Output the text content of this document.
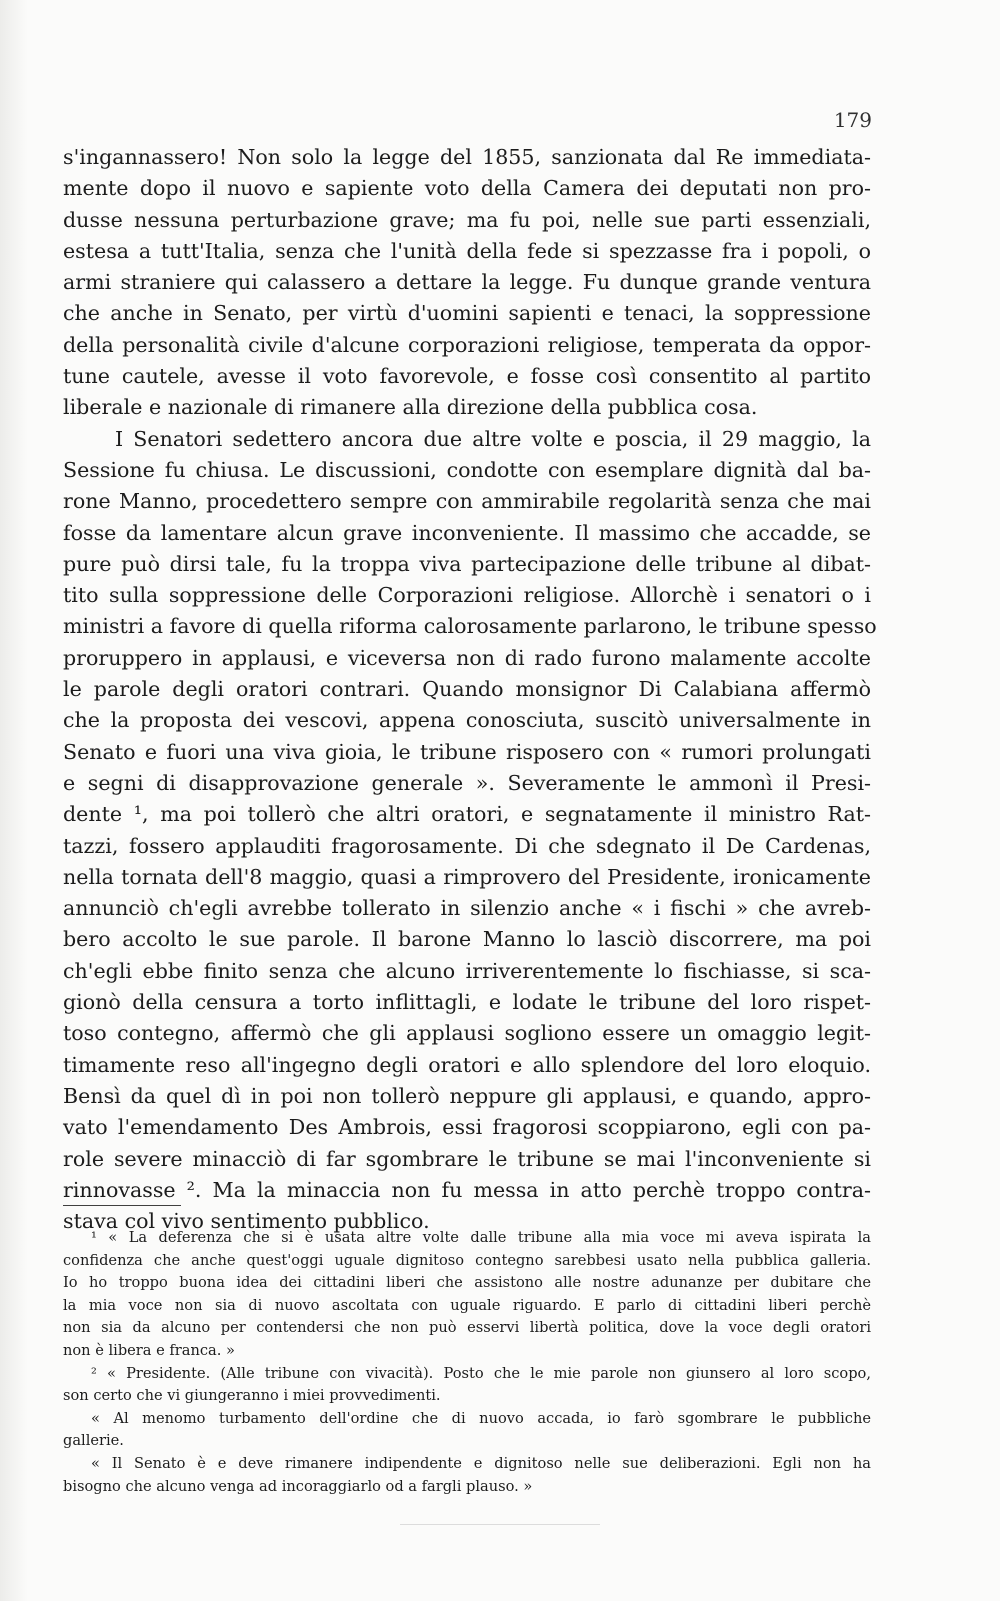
179
s'ingannassero! Non solo la legge del 1855, sanzionata dal Re immediata-
mente dopo il nuovo e sapiente voto della Camera dei deputati non pro-
dusse nessuna perturbazione grave; ma fu poi, nelle sue parti essenziali,
estesa a tutt'Italia, senza che l'unità della fede si spezzasse fra i popoli, o
armi straniere qui calassero a dettare la legge. Fu dunque grande ventura
che anche in Senato, per virtù d'uomini sapienti e tenaci, la soppressione
della personalità civile d'alcune corporazioni religiose, temperata da oppor-
tune cautele, avesse il voto favorevole, e fosse così consentito al partito
liberale e nazionale di rimanere alla direzione della pubblica cosa.
I Senatori sedettero ancora due altre volte e poscia, il 29 maggio, la
Sessione fu chiusa. Le discussioni, condotte con esemplare dignità dal ba-
rone Manno, procedettero sempre con ammirabile regolarità senza che mai
fosse da lamentare alcun grave inconveniente. Il massimo che accadde, se
pure può dirsi tale, fu la troppa viva partecipazione delle tribune al dibat-
tito sulla soppressione delle Corporazioni religiose. Allorchè i senatori o i
ministri a favore di quella riforma calorosamente parlarono, le tribune spesso
proruppero in applausi, e viceversa non di rado furono malamente accolte
le parole degli oratori contrari. Quando monsignor Di Calabiana affermò
che la proposta dei vescovi, appena conosciuta, suscitò universalmente in
Senato e fuori una viva gioia, le tribune risposero con « rumori prolungati
e segni di disapprovazione generale ». Severamente le ammonì il Presi-
dente ¹, ma poi tollerò che altri oratori, e segnatamente il ministro Rat-
tazzi, fossero applauditi fragorosamente. Di che sdegnato il De Cardenas,
nella tornata dell'8 maggio, quasi a rimprovero del Presidente, ironicamente
annunciò ch'egli avrebbe tollerato in silenzio anche « i fischi » che avreb-
bero accolto le sue parole. Il barone Manno lo lasciò discorrere, ma poi
ch'egli ebbe finito senza che alcuno irriverentemente lo fischiasse, si sca-
gionò della censura a torto inflittagli, e lodate le tribune del loro rispet-
toso contegno, affermò che gli applausi sogliono essere un omaggio legit-
timamente reso all'ingegno degli oratori e allo splendore del loro eloquio.
Bensì da quel dì in poi non tollerò neppure gli applausi, e quando, appro-
vato l'emendamento Des Ambrois, essi fragorosi scoppiarono, egli con pa-
role severe minacciò di far sgombrare le tribune se mai l'inconveniente si
rinnovasse ². Ma la minaccia non fu messa in atto perchè troppo contra-
stava col vivo sentimento pubblico.
¹ « La deferenza che si è usata altre volte dalle tribune alla mia voce mi aveva ispirata la
confidenza che anche quest'oggi uguale dignitoso contegno sarebbesi usato nella pubblica galleria.
Io ho troppo buona idea dei cittadini liberi che assistono alle nostre adunanze per dubitare che
la mia voce non sia di nuovo ascoltata con uguale riguardo. E parlo di cittadini liberi perchè
non sia da alcuno per contendersi che non può esservi libertà politica, dove la voce degli oratori
non è libera e franca. »
² « Presidente. (Alle tribune con vivacità). Posto che le mie parole non giunsero al loro scopo,
son certo che vi giungeranno i miei provvedimenti.
« Al menomo turbamento dell'ordine che di nuovo accada, io farò sgombrare le pubbliche
gallerie.
« Il Senato è e deve rimanere indipendente e dignitoso nelle sue deliberazioni. Egli non ha
bisogno che alcuno venga ad incoraggiarlo od a fargli plauso. »
